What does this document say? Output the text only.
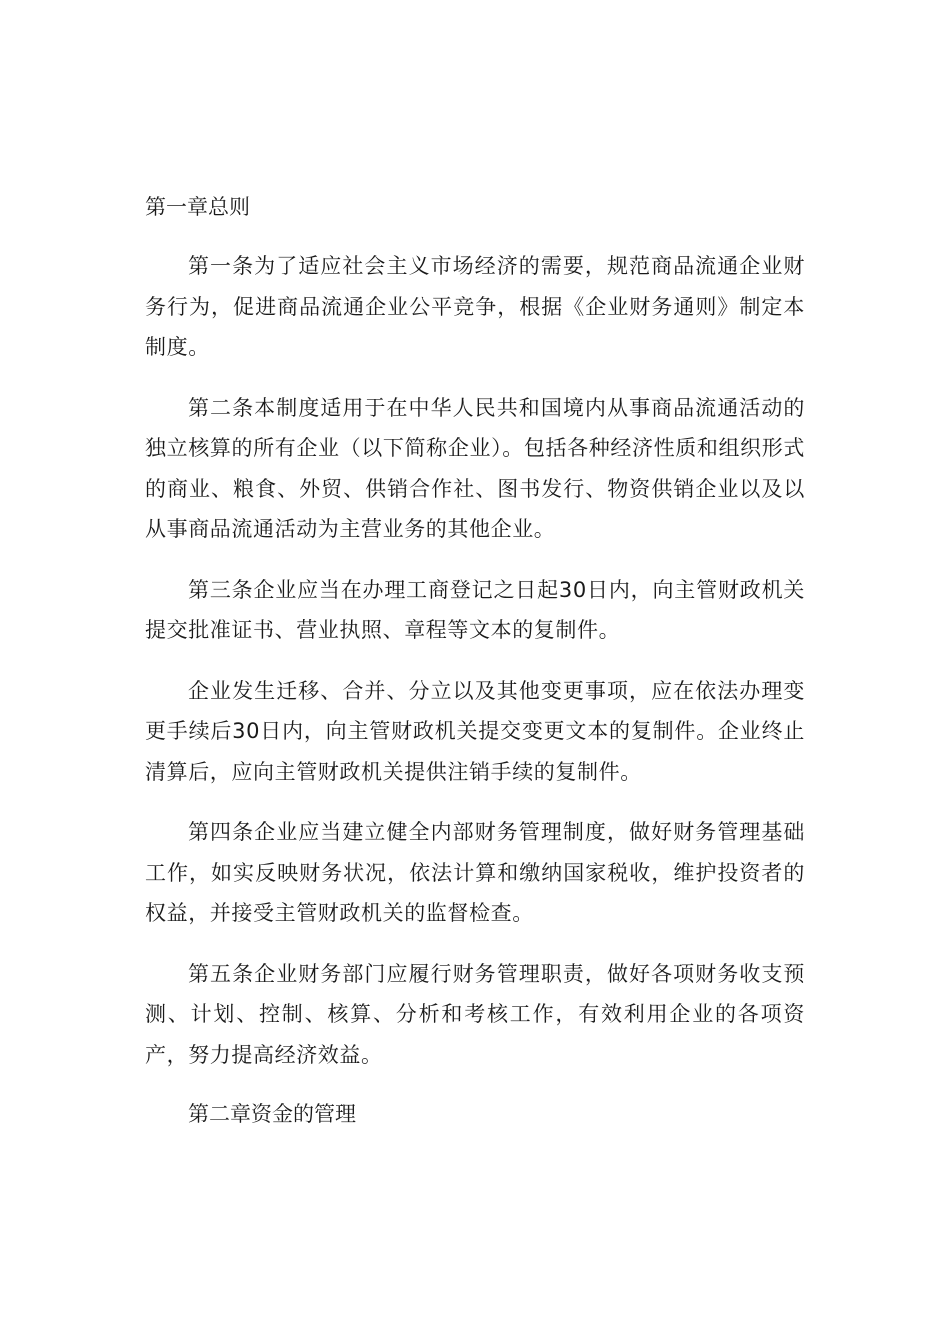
第一章总则

第一条为了适应社会主义市场经济的需要，规范商品流通企业财务行为，促进商品流通企业公平竞争，根据《企业财务通则》制定本制度。

第二条本制度适用于在中华人民共和国境内从事商品流通活动的独立核算的所有企业（以下简称企业）。包括各种经济性质和组织形式的商业、粮食、外贸、供销合作社、图书发行、物资供销企业以及以从事商品流通活动为主营业务的其他企业。

第三条企业应当在办理工商登记之日起30日内，向主管财政机关提交批准证书、营业执照、章程等文本的复制件。

企业发生迁移、合并、分立以及其他变更事项，应在依法办理变更手续后30日内，向主管财政机关提交变更文本的复制件。企业终止清算后，应向主管财政机关提供注销手续的复制件。

第四条企业应当建立健全内部财务管理制度，做好财务管理基础工作，如实反映财务状况，依法计算和缴纳国家税收，维护投资者的权益，并接受主管财政机关的监督检查。

第五条企业财务部门应履行财务管理职责，做好各项财务收支预测、计划、控制、核算、分析和考核工作，有效利用企业的各项资产，努力提高经济效益。

第二章资金的管理
